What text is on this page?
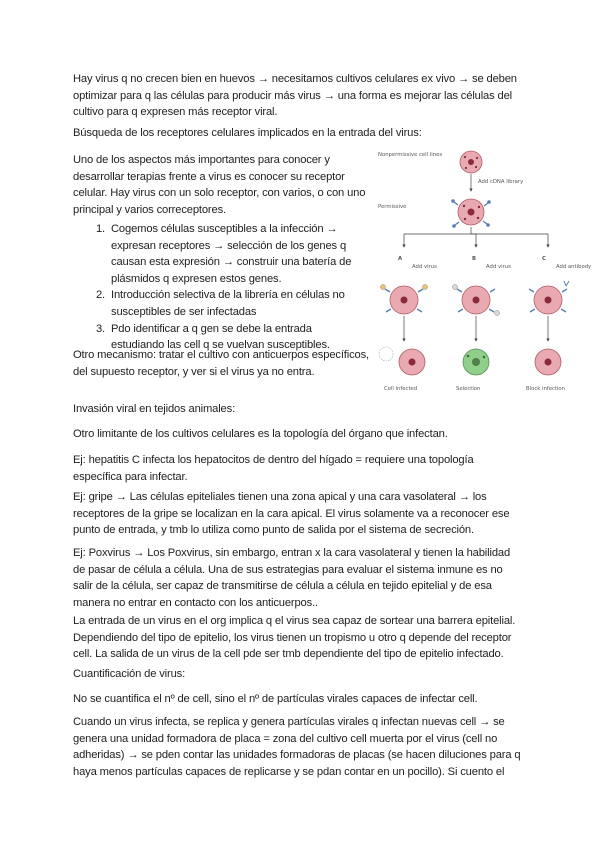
Hay virus q no crecen bien en huevos → necesitamos cultivos celulares ex vivo → se deben optimizar para q las células para producir más virus → una forma es mejorar las células del cultivo para q expresen más receptor viral.

Búsqueda de los receptores celulares implicados en la entrada del virus:

Uno de los aspectos más importantes para conocer y desarrollar terapias frente a virus es conocer su receptor celular. Hay virus con un solo receptor, con varios, o con uno principal y varios correceptores.

1. Cogemos células susceptibles a la infección → expresan receptores → selección de los genes q causan esta expresión → construir una batería de plásmidos q expresen estos genes.
2. Introducción selectiva de la librería en células no susceptibles de ser infectadas
3. Pdo identificar a q gen se debe la entrada estudiando las cell q se vuelvan susceptibles.

Otro mecanismo: tratar el cultivo con anticuerpos específicos, del supuesto receptor, y ver si el virus ya no entra.

Invasión viral en tejidos animales:

Otro limitante de los cultivos celulares es la topología del órgano que infectan.

Ej: hepatitis C infecta los hepatocitos de dentro del hígado = requiere una topología específica para infectar.

Ej: gripe → Las células epiteliales tienen una zona apical y una cara vasolateral → los receptores de la gripe se localizan en la cara apical. El virus solamente va a reconocer ese punto de entrada, y tmb lo utiliza como punto de salida por el sistema de secreción.

Ej: Poxvirus → Los Poxvirus, sin embargo, entran x la cara vasolateral y tienen la habilidad de pasar de célula a célula. Una de sus estrategias para evaluar el sistema inmune es no salir de la célula, ser capaz de transmitirse de célula a célula en tejido epitelial y de esa manera no entrar en contacto con los anticuerpos..

La entrada de un virus en el org implica q el virus sea capaz de sortear una barrera epitelial. Dependiendo del tipo de epitelio, los virus tienen un tropismo u otro q depende del receptor cell. La salida de un virus de la cell pde ser tmb dependiente del tipo de epitelio infectado.

Cuantificación de virus:

No se cuantifica el nº de cell, sino el nº de partículas virales capaces de infectar cell.

Cuando un virus infecta, se replica y genera partículas virales q infectan nuevas cell → se genera una unidad formadora de placa = zona del cultivo cell muerta por el virus (cell no adheridas) → se pden contar las unidades formadoras de placas (se hacen diluciones para q haya menos partículas capaces de replicarse y se pdan contar en un pocillo). Si cuento el

Nonpermissive cell lines
Add cDNA library
Permissive
A	B	C
Add virus	Add virus	Add antibody
Cell infected	Selection	Block infection
